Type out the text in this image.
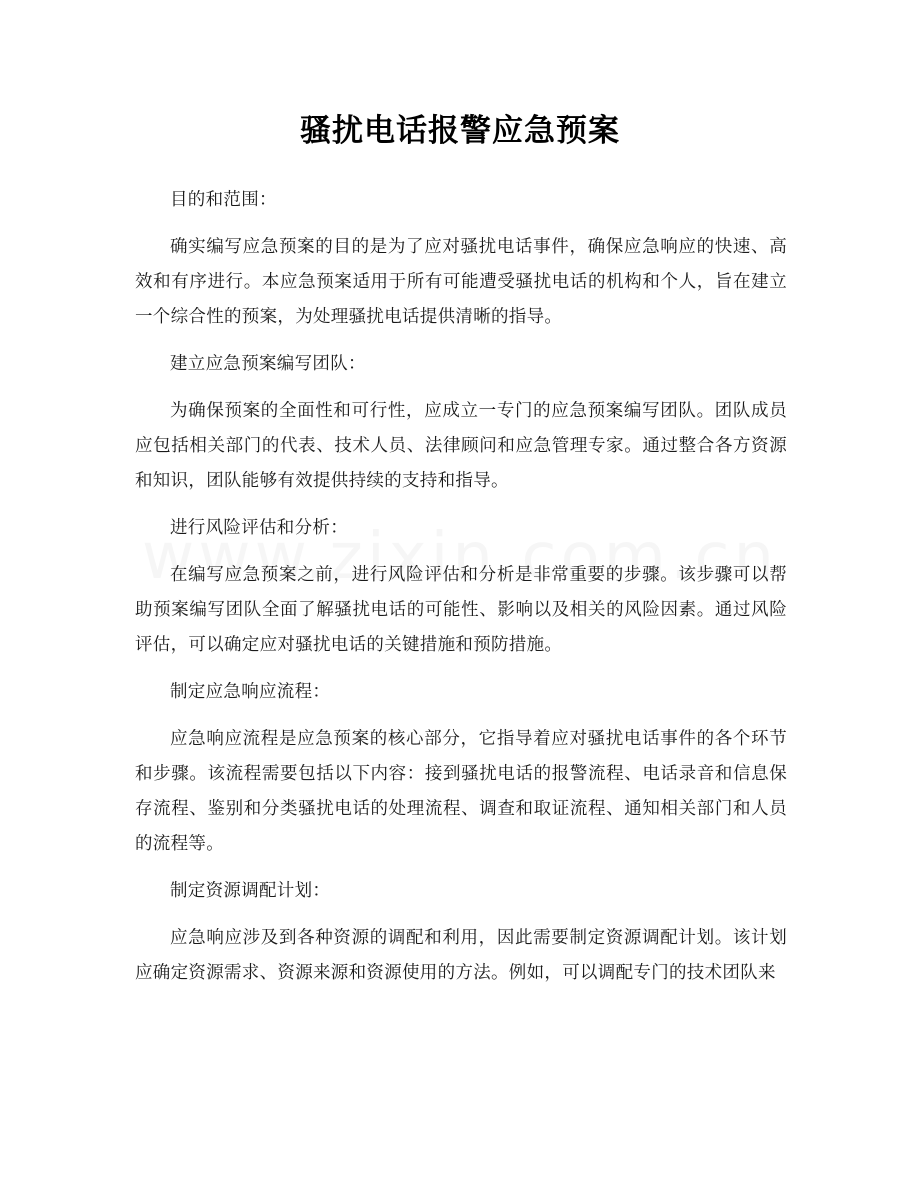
骚扰电话报警应急预案

目的和范围：

确实编写应急预案的目的是为了应对骚扰电话事件，确保应急响应的快速、高效和有序进行。本应急预案适用于所有可能遭受骚扰电话的机构和个人，旨在建立一个综合性的预案，为处理骚扰电话提供清晰的指导。

建立应急预案编写团队：

为确保预案的全面性和可行性，应成立一专门的应急预案编写团队。团队成员应包括相关部门的代表、技术人员、法律顾问和应急管理专家。通过整合各方资源和知识，团队能够有效提供持续的支持和指导。

进行风险评估和分析：

在编写应急预案之前，进行风险评估和分析是非常重要的步骤。该步骤可以帮助预案编写团队全面了解骚扰电话的可能性、影响以及相关的风险因素。通过风险评估，可以确定应对骚扰电话的关键措施和预防措施。

制定应急响应流程：

应急响应流程是应急预案的核心部分，它指导着应对骚扰电话事件的各个环节和步骤。该流程需要包括以下内容：接到骚扰电话的报警流程、电话录音和信息保存流程、鉴别和分类骚扰电话的处理流程、调查和取证流程、通知相关部门和人员的流程等。

制定资源调配计划：

应急响应涉及到各种资源的调配和利用，因此需要制定资源调配计划。该计划应确定资源需求、资源来源和资源使用的方法。例如，可以调配专门的技术团队来
